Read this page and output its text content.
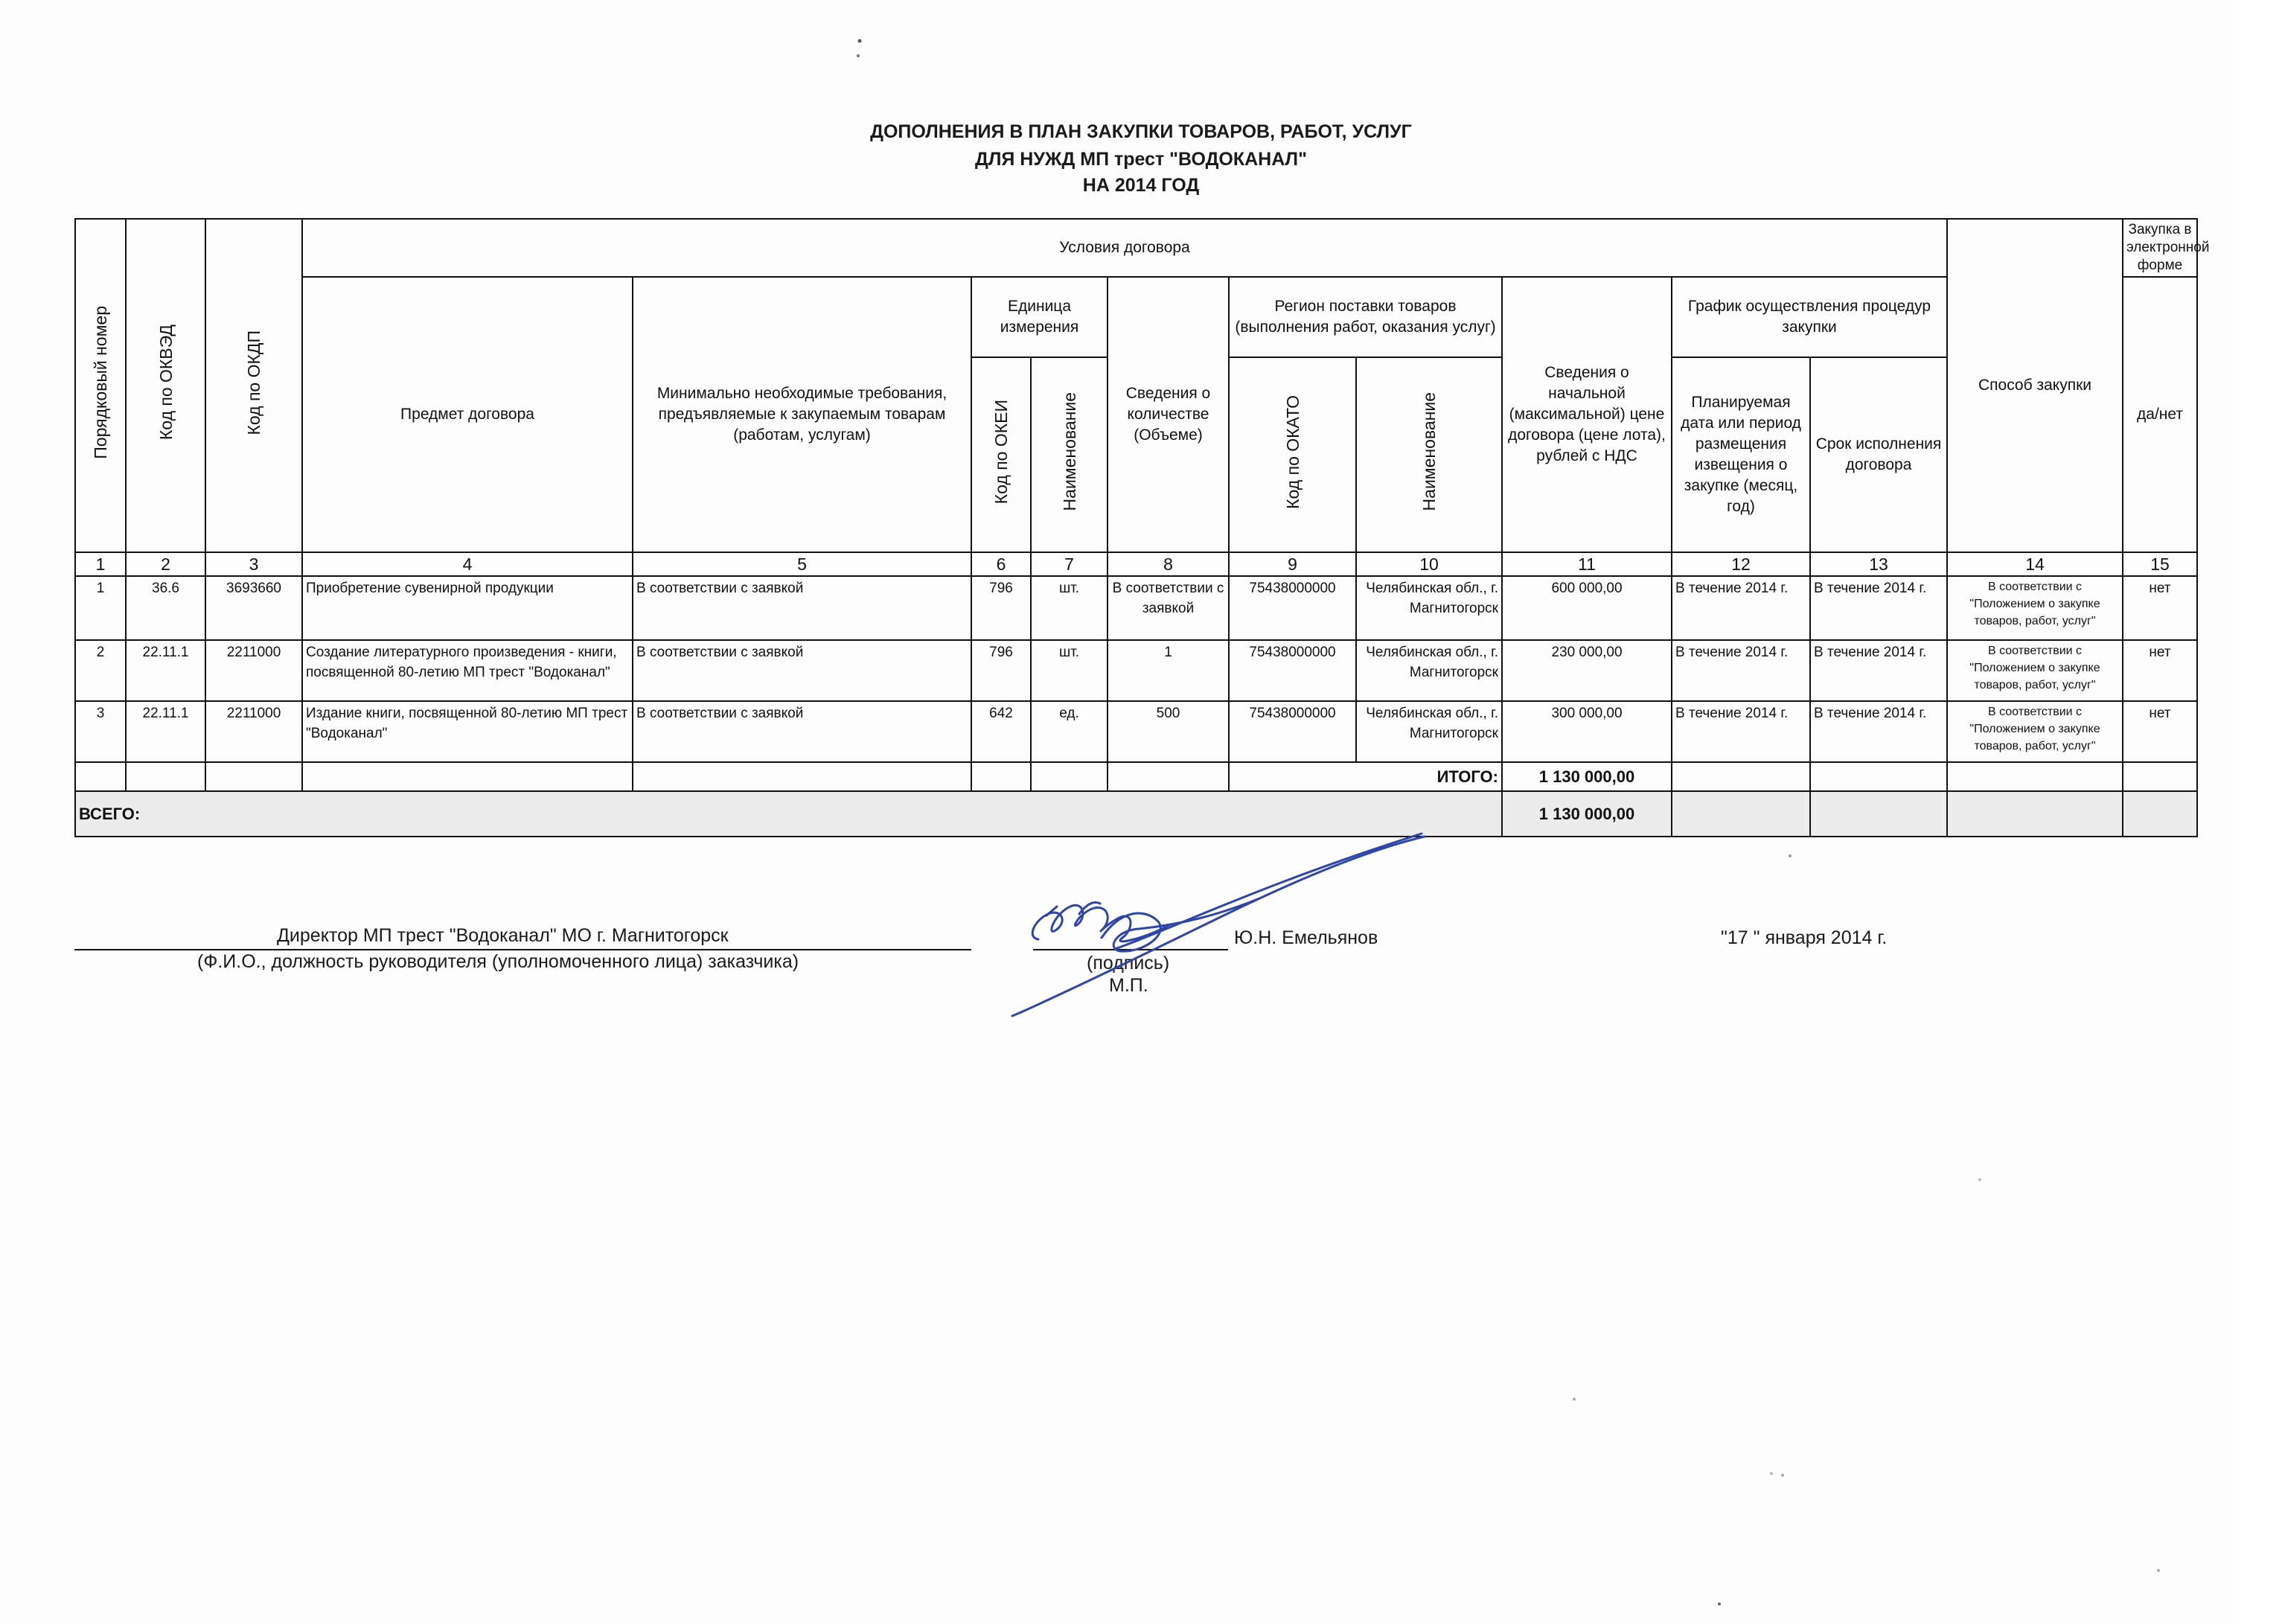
ДОПОЛНЕНИЯ В ПЛАН ЗАКУПКИ ТОВАРОВ, РАБОТ, УСЛУГ
ДЛЯ НУЖД МП трест "ВОДОКАНАЛ"
НА 2014 ГОД
Порядковый номер	Код по ОКВЭД	Код по ОКДП	Условия договора										Способ закупки	Закупка в электронной форме
			Предмет договора	Минимально необходимые требования, предъявляемые к закупаемым товарам (работам, услугам)	Единица измерения		Сведения о количестве (Объеме)	Регион поставки товаров (выполнения работ, оказания услуг)		Сведения о начальной (максимальной) цене договора (цене лота), рублей с НДС	График осуществления процедур закупки			да/нет
					Код по ОКЕИ	Наименование		Код по ОКАТО	Наименование		Планируемая дата или период размещения извещения о закупке (месяц, год)	Срок исполнения договора		
1	2	3	4	5	6	7	8	9	10	11	12	13	14	15
1	36.6	3693660	Приобретение сувенирной продукции	В соответствии с заявкой	796	шт.	В соответствии с заявкой	75438000000	Челябинская обл., г. Магнитогорск	600 000,00	В течение 2014 г.	В течение 2014 г.	В соответствии с "Положением о закупке товаров, работ, услуг"	нет
2	22.11.1	2211000	Создание литературного произведения - книги, посвященной 80-летию МП трест "Водоканал"	В соответствии с заявкой	796	шт.	1	75438000000	Челябинская обл., г. Магнитогорск	230 000,00	В течение 2014 г.	В течение 2014 г.	В соответствии с "Положением о закупке товаров, работ, услуг"	нет
3	22.11.1	2211000	Издание книги, посвященной 80-летию МП трест "Водоканал"	В соответствии с заявкой	642	ед.	500	75438000000	Челябинская обл., г. Магнитогорск	300 000,00	В течение 2014 г.	В течение 2014 г.	В соответствии с "Положением о закупке товаров, работ, услуг"	нет
								ИТОГО:		1 130 000,00				
ВСЕГО:										1 130 000,00				
Директор МП трест "Водоканал" МО г. Магнитогорск
(Ф.И.О., должность руководителя (уполномоченного лица) заказчика)	(подпись)
М.П.
Ю.Н. Емельянов	"17 " января 2014 г.
